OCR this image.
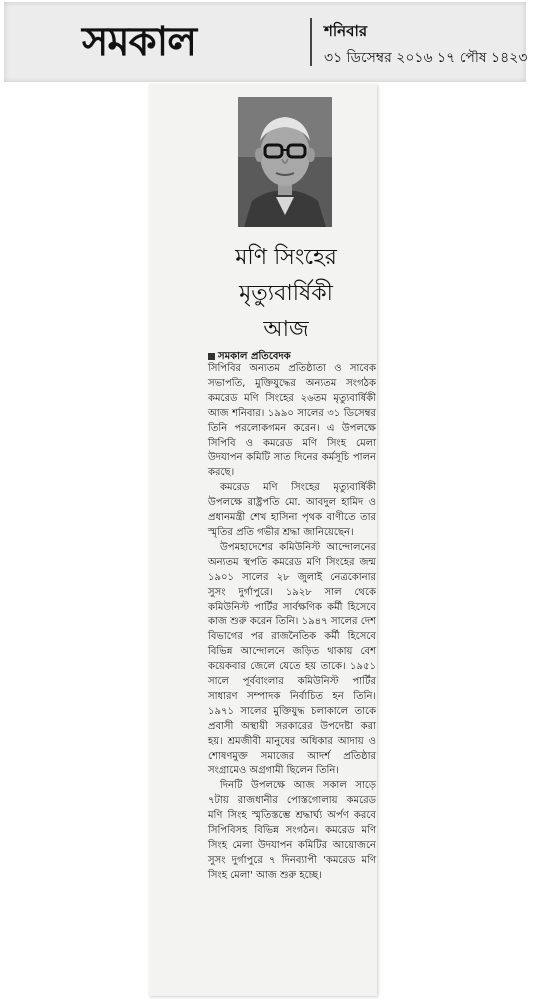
সমকাল	শনিবার
৩১ ডিসেম্বর ২০১৬ ১৭ পৌষ ১৪২৩
মণি সিংহের
মৃত্যুবার্ষিকী
আজ
সমকাল প্রতিবেদক

সিপিবির অন্যতম প্রতিষ্ঠাতা ও সাবেক সভাপতি, মুক্তিযুদ্ধের অন্যতম সংগঠক কমরেড মণি সিংহের ২৬তম মৃত্যুবার্ষিকী আজ শনিবার। ১৯৯০ সালের ৩১ ডিসেম্বর তিনি পরলোকগমন করেন। এ উপলক্ষে সিপিবি ও কমরেড মণি সিংহ মেলা উদযাপন কমিটি সাত দিনের কর্মসূচি পালন করছে।

কমরেড মণি সিংহের মৃত্যুবার্ষিকী উপলক্ষে রাষ্ট্রপতি মো. আবদুল হামিদ ও প্রধানমন্ত্রী শেখ হাসিনা পৃথক বাণীতে তার স্মৃতির প্রতি গভীর শ্রদ্ধা জানিয়েছেন।

উপমহাদেশের কমিউনিস্ট আন্দোলনের অন্যতম স্থপতি কমরেড মণি সিংহের জন্ম ১৯০১ সালের ২৮ জুলাই নেত্রকোনার সুসং দুর্গাপুরে। ১৯২৮ সাল থেকে কমিউনিস্ট পার্টির সার্বক্ষণিক কর্মী হিসেবে কাজ শুরু করেন তিনি। ১৯৪৭ সালের দেশ বিভাগের পর রাজনৈতিক কর্মী হিসেবে বিভিন্ন আন্দোলনে জড়িত থাকায় বেশ কয়েকবার জেলে যেতে হয় তাকে। ১৯৫১ সালে পূর্ববাংলার কমিউনিস্ট পার্টির সাধারণ সম্পাদক নির্বাচিত হন তিনি। ১৯৭১ সালের মুক্তিযুদ্ধ চলাকালে তাকে প্রবাসী অস্থায়ী সরকারের উপদেষ্টা করা হয়। শ্রমজীবী মানুষের অধিকার আদায় ও শোষণমুক্ত সমাজের আদর্শ প্রতিষ্ঠার সংগ্রামেও অগ্রগামী ছিলেন তিনি।

দিনটি উপলক্ষে আজ সকাল সাড়ে ৭টায় রাজধানীর পোস্তগোলায় কমরেড মণি সিংহ স্মৃতিস্তম্ভে শ্রদ্ধার্ঘ্য অর্পণ করবে সিপিবিসহ বিভিন্ন সংগঠন। কমরেড মণি সিংহ মেলা উদযাপন কমিটির আয়োজনে সুসং দুর্গাপুরে ৭ দিনব্যাপী 'কমরেড মণি সিংহ মেলা' আজ শুরু হচ্ছে।
